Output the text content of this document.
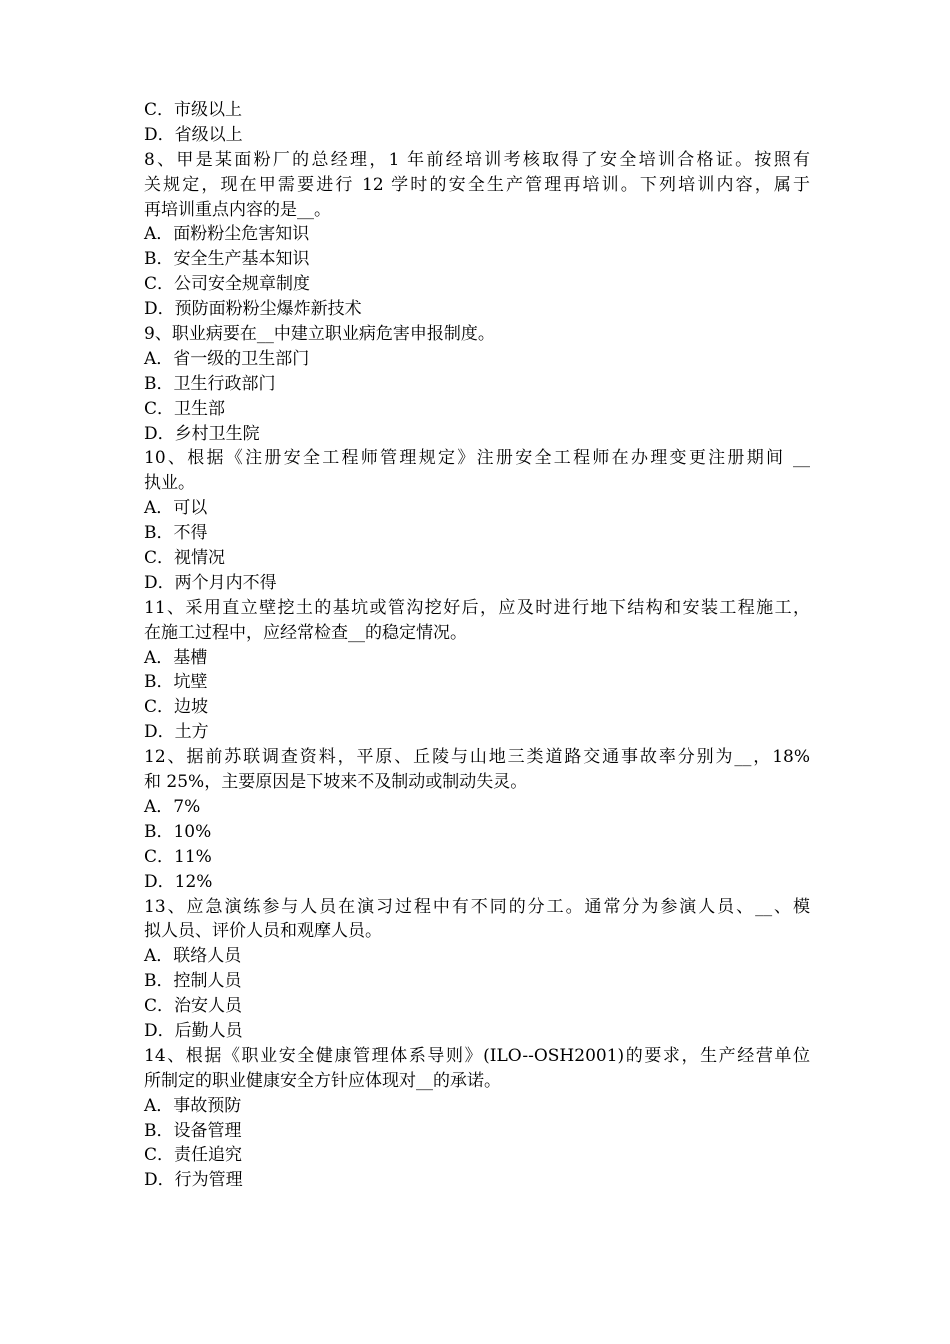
C．市级以上
D．省级以上
8、甲是某面粉厂的总经理，1 年前经培训考核取得了安全培训合格证。按照有
关规定，现在甲需要进行 12 学时的安全生产管理再培训。下列培训内容，属于
再培训重点内容的是__。
A．面粉粉尘危害知识
B．安全生产基本知识
C．公司安全规章制度
D．预防面粉粉尘爆炸新技术
9、职业病要在__中建立职业病危害申报制度。
A．省一级的卫生部门
B．卫生行政部门
C．卫生部
D．乡村卫生院
10、根据《注册安全工程师管理规定》注册安全工程师在办理变更注册期间 __
执业。
A．可以
B．不得
C．视情况
D．两个月内不得
11、采用直立壁挖土的基坑或管沟挖好后，应及时进行地下结构和安装工程施工，
在施工过程中，应经常检查__的稳定情况。
A．基槽
B．坑壁
C．边坡
D．土方
12、据前苏联调查资料，平原、丘陵与山地三类道路交通事故率分别为__，18%
和 25%，主要原因是下坡来不及制动或制动失灵。
A．7%
B．10%
C．11%
D．12%
13、应急演练参与人员在演习过程中有不同的分工。通常分为参演人员、__、模
拟人员、评价人员和观摩人员。
A．联络人员
B．控制人员
C．治安人员
D．后勤人员
14、根据《职业安全健康管理体系导则》(ILO--OSH2001)的要求，生产经营单位
所制定的职业健康安全方针应体现对__的承诺。
A．事故预防
B．设备管理
C．责任追究
D．行为管理
